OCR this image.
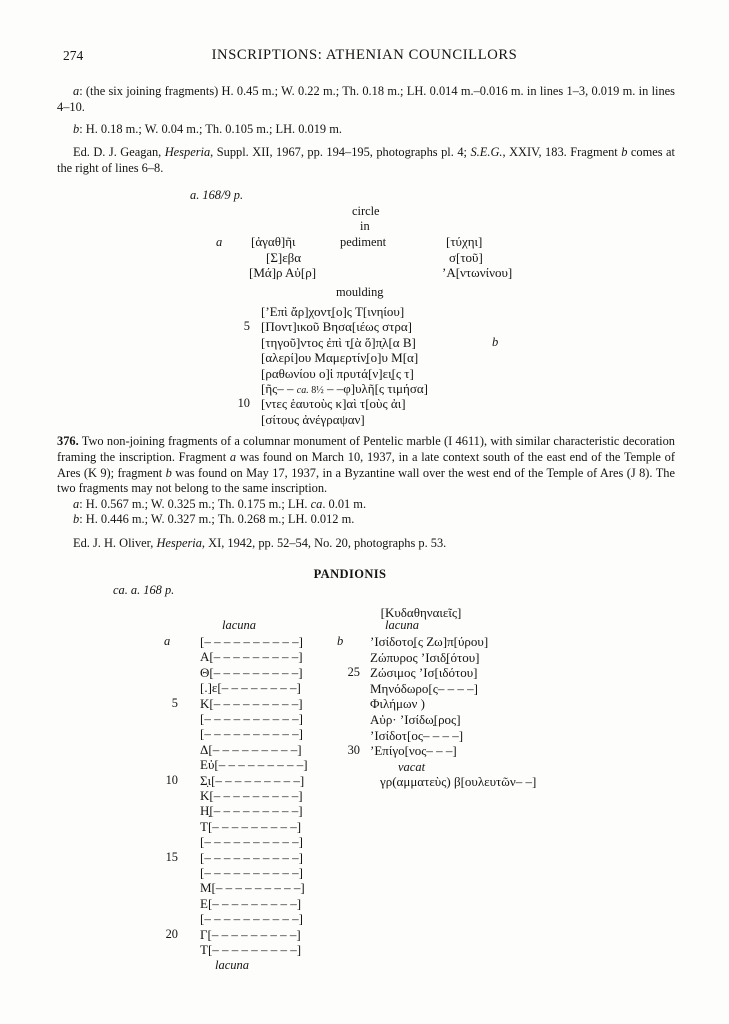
274	INSCRIPTIONS: ATHENIAN COUNCILLORS

a: (the six joining fragments) H. 0.45 m.; W. 0.22 m.; Th. 0.18 m.; LH. 0.014 m.–0.016 m. in lines 1–3, 0.019 m. in lines 4–10.

b: H. 0.18 m.; W. 0.04 m.; Th. 0.105 m.; LH. 0.019 m.

Ed. D. J. Geagan, Hesperia, Suppl. XII, 1967, pp. 194–195, photographs pl. 4; S.E.G., XXIV, 183. Fragment b comes at the right of lines 6–8.

a. 168/9 p.
circle
in
a [ἀγαθ]ῆι	pediment	[τύχηι]
[Σ]εβα	σ[τοῦ]
[Μά]ρ Αὐ[ρ]	’Α[ντωνίνου]
moulding
[’Επὶ ἄρ]χοντ̣[ο]ς Τ[ινηίου]
5 [Ποντ]ικοῦ Βησα[ιέως στρα]
[τηγοῦ]ντος ἐπὶ τ̣[ὰ ὅ]π̣λ[α Β]	b
[αλερί]ου Μαμερτίν̣[ο]υ Μ[α]
[ραθωνίου ο]ἱ πρυτά[ν]ει̣[ς τ]
[ῆς– – ca. 8½ – –φ]υλῆ[ς τιμήσα]
10 [ντες ἑαυτοὺς κ]αὶ τ[οὺς ἀι]
[σίτους ἀνέγραψαν]

376. Two non-joining fragments of a columnar monument of Pentelic marble (I 4611), with similar characteristic decoration framing the inscription. Fragment a was found on March 10, 1937, in a late context south of the east end of the Temple of Ares (K 9); fragment b was found on May 17, 1937, in a Byzantine wall over the west end of the Temple of Ares (J 8). The two fragments may not belong to the same inscription.

a: H. 0.567 m.; W. 0.325 m.; Th. 0.175 m.; LH. ca. 0.01 m.

b: H. 0.446 m.; W. 0.327 m.; Th. 0.268 m.; LH. 0.012 m.

Ed. J. H. Oliver, Hesperia, XI, 1942, pp. 52–54, No. 20, photographs p. 53.

PANDIONIS
ca. a. 168 p.
[Κυδαθηναιεῖς]
lacuna	lacuna
a	b
[– – – – – – – – – –]
Α[– – – – – – – – –]
Θ[– – – – – – – – –]
[.]ε[– – – – – – – –]
5 Κ[– – – – – – – – –]
[– – – – – – – – – –]
[– – – – – – – – – –]
Δ[– – – – – – – – –]
Εὐ[– – – – – – – – –]
10 Σ̣ι[– – – – – – – – –]
Κ[– – – – – – – – –]
Η̣[– – – – – – – – –]
Τ[– – – – – – – – –]
[– – – – – – – – – –]
15 [– – – – – – – – – –]
[– – – – – – – – – –]
Μ[– – – – – – – – –]
Ε[– – – – – – – – –]
[– – – – – – – – – –]
20 Γ[– – – – – – – – –]
Τ[– – – – – – – – –]
’Ισίδοτο̣[ς Ζω]π[ύρου]
Ζώπυρος ’Ισιδ̣[ότου]
25 Ζώσιμος ’Ισ[ιδότου]
Μηνόδωρο[ς– – – –]
Φιλήμων )
Αὐρ· ’Ισίδω̣[ρος]
’Ισίδοτ[ος– – – –]
30 ’Επίγο[νος– – –]
vacat
γρ(αμματεὺς) β[ουλευτῶν– –]
lacuna
